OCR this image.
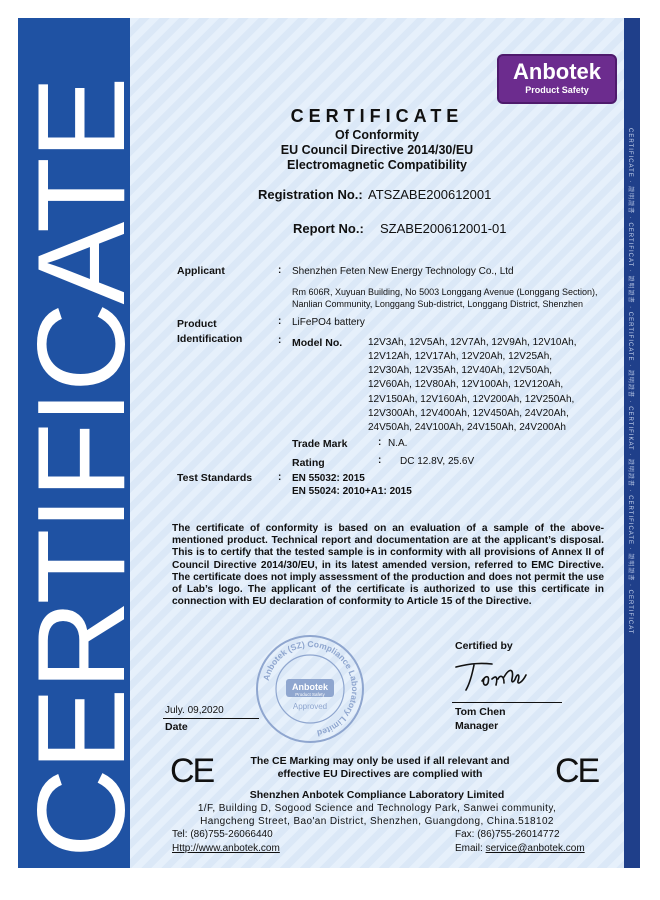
CERTIFICATE · 證明證書 · CERTIFICAT · 證明證書 · CERTIFICATE · 證明證書 · CERTIFIKAT · 證明證書 · CERTIFICATE · 證明證書 · CERTIFICAT
CERTIFICATE
Anbotek
Product Safety
CERTIFICATE
Of Conformity
EU Council Directive 2014/30/EU
Electromagnetic Compatibility
Registration No.: ATSZABE200612001
Report No.: SZABE200612001-01
Applicant	: Shenzhen Feten New Energy Technology Co., Ltd
Rm 606R, Xuyuan Building, No 5003 Longgang Avenue (Longgang Section),
Nanlian Community, Longgang Sub-district, Longgang District, Shenzhen
Product	: LiFePO4 battery
Identification	: Model No.	12V3Ah, 12V5Ah, 12V7Ah, 12V9Ah, 12V10Ah,
12V12Ah, 12V17Ah, 12V20Ah, 12V25Ah,
12V30Ah, 12V35Ah, 12V40Ah, 12V50Ah,
12V60Ah, 12V80Ah, 12V100Ah, 12V120Ah,
12V150Ah, 12V160Ah, 12V200Ah, 12V250Ah,
12V300Ah, 12V400Ah, 12V450Ah, 24V20Ah,
24V50Ah, 24V100Ah, 24V150Ah, 24V200Ah
Trade Mark	: N.A.
Rating	: DC 12.8V, 25.6V
Test Standards	: EN 55032: 2015
EN 55024: 2010+A1: 2015
The certificate of conformity is based on an evaluation of a sample of the above-mentioned product. Technical report and documentation are at the applicant’s disposal. This is to certify that the tested sample is in conformity with all provisions of Annex II of Council Directive 2014/30/EU, in its latest amended version, referred to EMC Directive. The certificate does not imply assessment of the production and does not permit the use of Lab’s logo. The applicant of the certificate is authorized to use this certificate in connection with EU declaration of conformity to Article 15 of the Directive.
Certified by
Tom Chen
Manager
July. 09,2020
Date
Anbotek (SZ) Compliance Laboratory Limited
Anbotek
Product Safety
Approved
CE	CE
The CE Marking may only be used if all relevant and
effective EU Directives are complied with
Shenzhen Anbotek Compliance Laboratory Limited
1/F, Building D, Sogood Science and Technology Park, Sanwei community,
Hangcheng Street, Bao'an District, Shenzhen, Guangdong, China.518102
Tel: (86)755-26066440	Fax: (86)755-26014772
Http://www.anbotek.com	Email: service@anbotek.com
